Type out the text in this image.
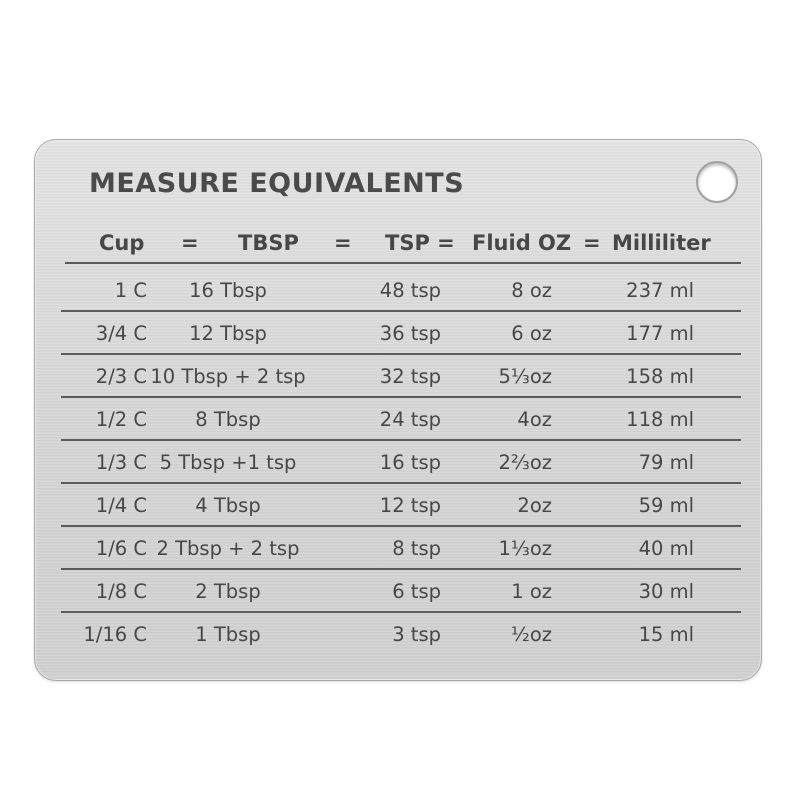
MEASURE EQUIVALENTS
Cup = TBSP = TSP = Fluid OZ = Milliliter
1 C	16 Tbsp	48 tsp	8 oz	237 ml
3/4 C	12 Tbsp	36 tsp	6 oz	177 ml
2/3 C 10 Tbsp + 2 tsp	32 tsp	5⅓oz	158 ml
1/2 C	8 Tbsp	24 tsp	4oz	118 ml
1/3 C 5 Tbsp +1 tsp	16 tsp	2⅔oz	79 ml
1/4 C	4 Tbsp	12 tsp	2oz	59 ml
1/6 C 2 Tbsp + 2 tsp	8 tsp	1⅓oz	40 ml
1/8 C	2 Tbsp	6 tsp	1 oz	30 ml
1/16 C	1 Tbsp	3 tsp	½oz	15 ml
